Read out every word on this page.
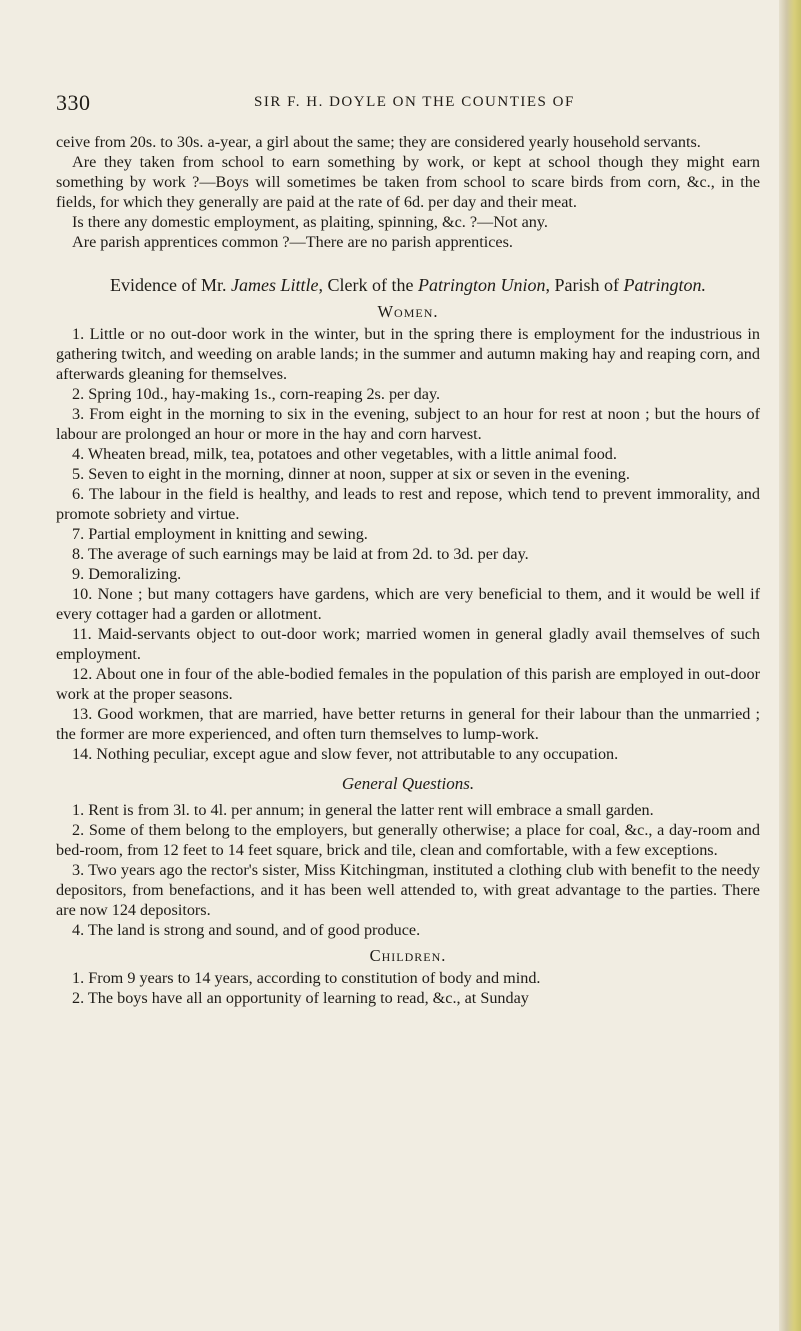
330	SIR F. H. DOYLE ON THE COUNTIES OF

ceive from 20s. to 30s. a-year, a girl about the same; they are considered yearly household servants.

Are they taken from school to earn something by work, or kept at school though they might earn something by work ?—Boys will sometimes be taken from school to scare birds from corn, &c., in the fields, for which they generally are paid at the rate of 6d. per day and their meat.

Is there any domestic employment, as plaiting, spinning, &c. ?—Not any.

Are parish apprentices common ?—There are no parish apprentices.

Evidence of Mr. James Little, Clerk of the Patrington Union, Parish of Patrington.
Women.

1. Little or no out-door work in the winter, but in the spring there is employment for the industrious in gathering twitch, and weeding on arable lands; in the summer and autumn making hay and reaping corn, and afterwards gleaning for themselves.

2. Spring 10d., hay-making 1s., corn-reaping 2s. per day.

3. From eight in the morning to six in the evening, subject to an hour for rest at noon ; but the hours of labour are prolonged an hour or more in the hay and corn harvest.

4. Wheaten bread, milk, tea, potatoes and other vegetables, with a little animal food.

5. Seven to eight in the morning, dinner at noon, supper at six or seven in the evening.

6. The labour in the field is healthy, and leads to rest and repose, which tend to prevent immorality, and promote sobriety and virtue.

7. Partial employment in knitting and sewing.

8. The average of such earnings may be laid at from 2d. to 3d. per day.

9. Demoralizing.

10. None ; but many cottagers have gardens, which are very beneficial to them, and it would be well if every cottager had a garden or allotment.

11. Maid-servants object to out-door work; married women in general gladly avail themselves of such employment.

12. About one in four of the able-bodied females in the population of this parish are employed in out-door work at the proper seasons.

13. Good workmen, that are married, have better returns in general for their labour than the unmarried ; the former are more experienced, and often turn themselves to lump-work.

14. Nothing peculiar, except ague and slow fever, not attributable to any occupation.

General Questions.

1. Rent is from 3l. to 4l. per annum; in general the latter rent will embrace a small garden.

2. Some of them belong to the employers, but generally otherwise; a place for coal, &c., a day-room and bed-room, from 12 feet to 14 feet square, brick and tile, clean and comfortable, with a few exceptions.

3. Two years ago the rector's sister, Miss Kitchingman, instituted a clothing club with benefit to the needy depositors, from benefactions, and it has been well attended to, with great advantage to the parties. There are now 124 depositors.

4. The land is strong and sound, and of good produce.

Children.

1. From 9 years to 14 years, according to constitution of body and mind.

2. The boys have all an opportunity of learning to read, &c., at Sunday
